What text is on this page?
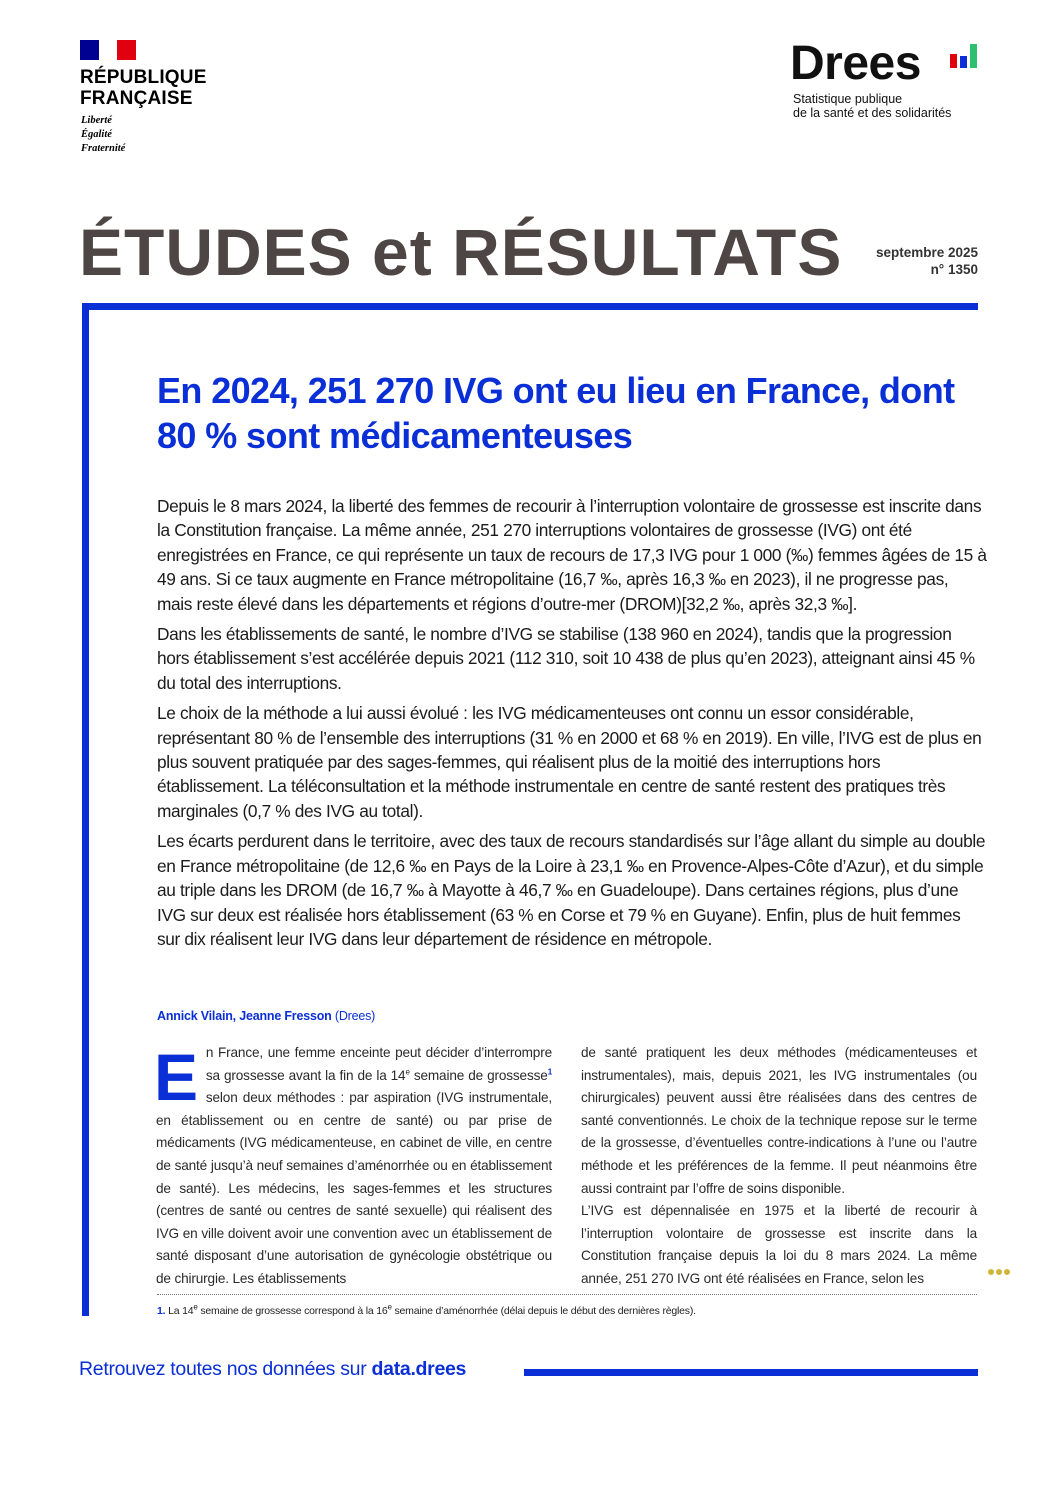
RÉPUBLIQUE
FRANÇAISE
Liberté
Égalité
Fraternité
Drees
Statistique publique
de la santé et des solidarités
ÉTUDES et RÉSULTATS septembre 2025
n° 1350
En 2024, 251 270 IVG ont eu lieu en France, dont 80 % sont médicamenteuses

Depuis le 8 mars 2024, la liberté des femmes de recourir à l’interruption volontaire de grossesse est inscrite dans la Constitution française. La même année, 251 270 interruptions volontaires de grossesse (IVG) ont été enregistrées en France, ce qui représente un taux de recours de 17,3 IVG pour 1 000 (‰) femmes âgées de 15 à 49 ans. Si ce taux augmente en France métropolitaine (16,7 ‰, après 16,3 ‰ en 2023), il ne progresse pas, mais reste élevé dans les départements et régions d’outre-mer (DROM)[32,2 ‰, après 32,3 ‰].

Dans les établissements de santé, le nombre d’IVG se stabilise (138 960 en 2024), tandis que la progression hors établissement s’est accélérée depuis 2021 (112 310, soit 10 438 de plus qu’en 2023), atteignant ainsi 45 % du total des interruptions.

Le choix de la méthode a lui aussi évolué : les IVG médicamenteuses ont connu un essor considérable, représentant 80 % de l’ensemble des interruptions (31 % en 2000 et 68 % en 2019). En ville, l’IVG est de plus en plus souvent pratiquée par des sages-femmes, qui réalisent plus de la moitié des interruptions hors établissement. La téléconsultation et la méthode instrumentale en centre de santé restent des pratiques très marginales (0,7 % des IVG au total).

Les écarts perdurent dans le territoire, avec des taux de recours standardisés sur l’âge allant du simple au double en France métropolitaine (de 12,6 ‰ en Pays de la Loire à 23,1 ‰ en Provence-Alpes-Côte d’Azur), et du simple au triple dans les DROM (de 16,7 ‰ à Mayotte à 46,7 ‰ en Guadeloupe). Dans certaines régions, plus d’une IVG sur deux est réalisée hors établissement (63 % en Corse et 79 % en Guyane). Enfin, plus de huit femmes sur dix réalisent leur IVG dans leur département de résidence en métropole.

Annick Vilain, Jeanne Fresson (Drees)

En France, une femme enceinte peut décider d’interrompre sa grossesse avant la fin de la 14e semaine de grossesse$^1$ selon deux méthodes : par aspiration (IVG instrumentale, en établissement ou en centre de santé) ou par prise de médicaments (IVG médicamenteuse, en cabinet de ville, en centre de santé jusqu’à neuf semaines d’aménorrhée ou en établissement de santé). Les médecins, les sages-femmes et les structures (centres de santé ou centres de santé sexuelle) qui réalisent des IVG en ville doivent avoir une convention avec un établissement de santé disposant d’une autorisation de gynécologie obstétrique ou de chirurgie. Les établissements

de santé pratiquent les deux méthodes (médicamenteuses et instrumentales), mais, depuis 2021, les IVG instrumentales (ou chirurgicales) peuvent aussi être réalisées dans des centres de santé conventionnés. Le choix de la technique repose sur le terme de la grossesse, d’éventuelles contre-indications à l’une ou l’autre méthode et les préférences de la femme. Il peut néanmoins être aussi contraint par l’offre de soins disponible.

L’IVG est dépennalisée en 1975 et la liberté de recourir à l’interruption volontaire de grossesse est inscrite dans la Constitution française depuis la loi du 8 mars 2024. La même année, 251 270 IVG ont été réalisées en France, selon les

1. La 14e semaine de grossesse correspond à la 16e semaine d’aménorrhée (délai depuis le début des dernières règles).
Retrouvez toutes nos données sur data.drees
